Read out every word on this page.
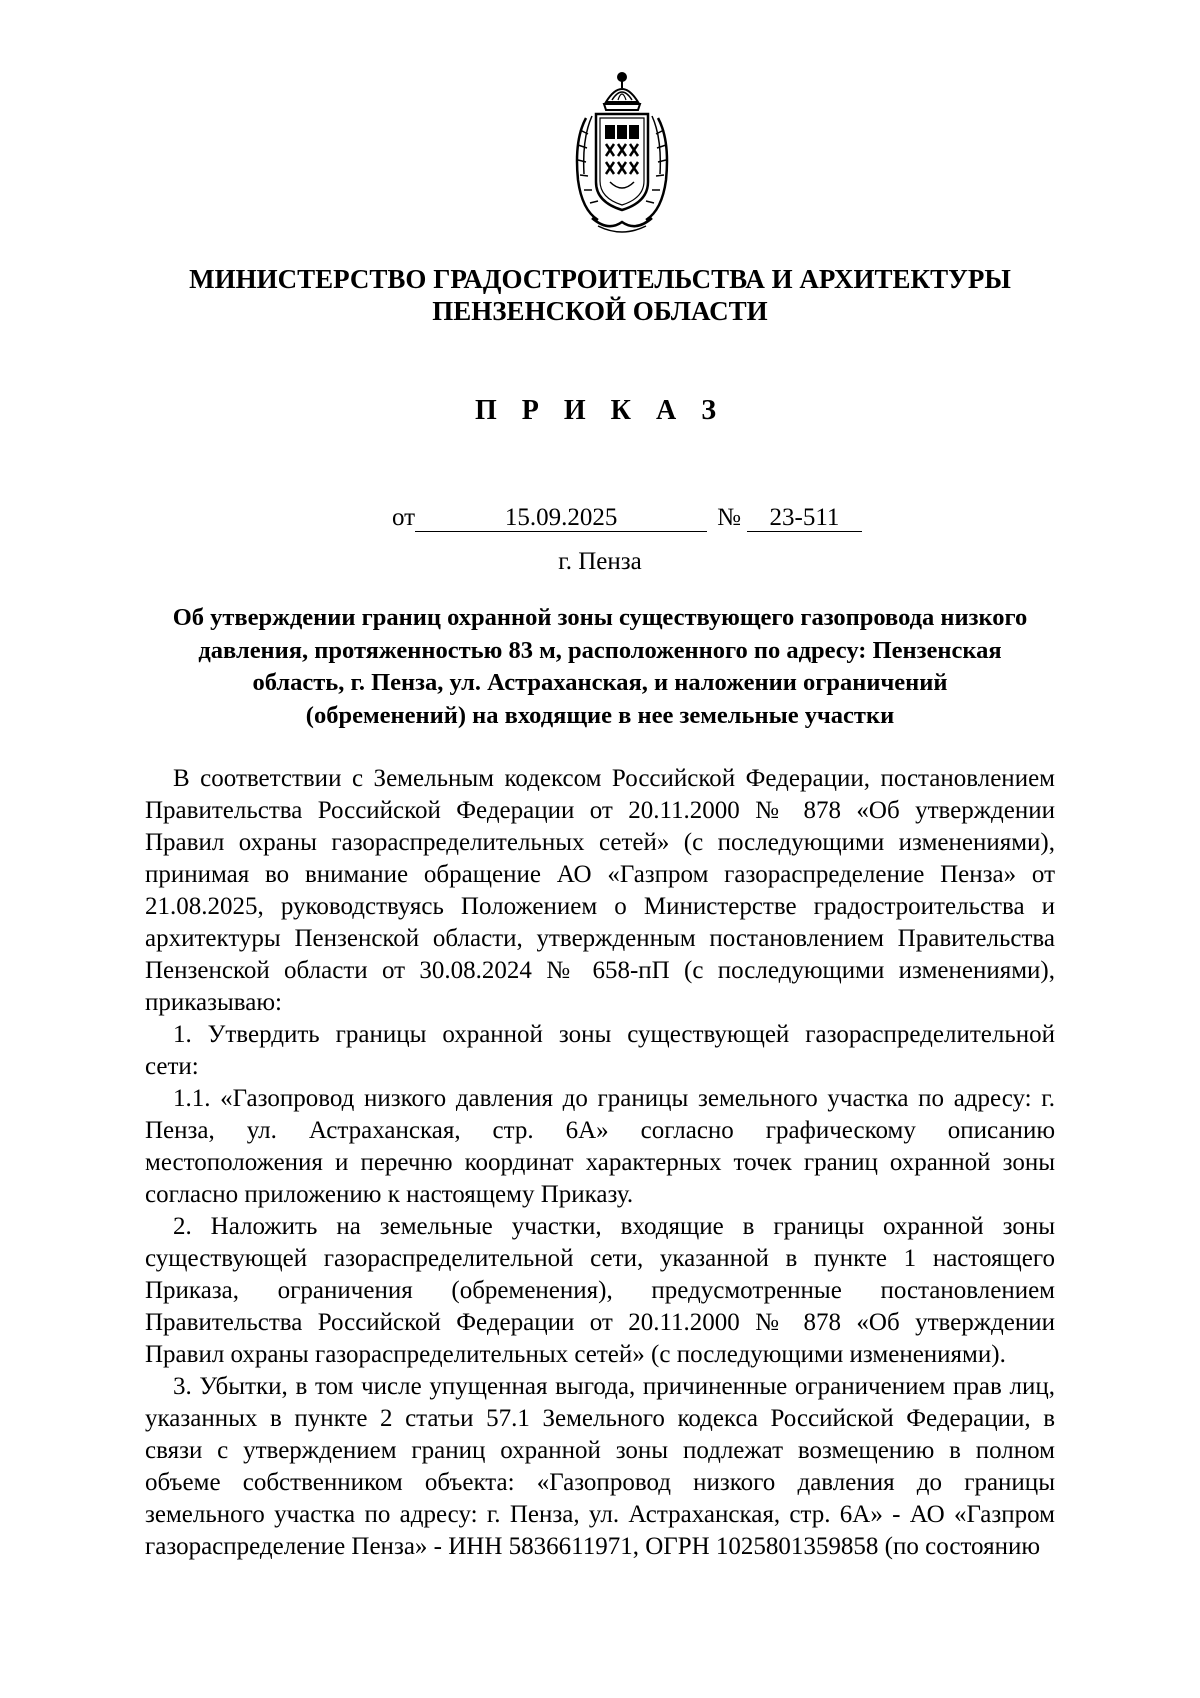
МИНИСТЕРСТВО ГРАДОСТРОИТЕЛЬСТВА И АРХИТЕКТУРЫ
ПЕНЗЕНСКОЙ ОБЛАСТИ
П Р И К А З
от	15.09.2025	№ 23-511
г. Пенза
Об утверждении границ охранной зоны существующего газопровода низкого
давления, протяженностью 83 м, расположенного по адресу: Пензенская
область, г. Пенза, ул. Астраханская, и наложении ограничений
(обременений) на входящие в нее земельные участки

В соответствии с Земельным кодексом Российской Федерации, постановлением Правительства Российской Федерации от 20.11.2000 № 878 «Об утверждении Правил охраны газораспределительных сетей» (с последующими изменениями), принимая во внимание обращение АО «Газпром газораспределение Пенза» от 21.08.2025, руководствуясь Положением о Министерстве градостроительства и архитектуры Пензенской области, утвержденным постановлением Правительства Пензенской области от 30.08.2024 № 658-пП (с последующими изменениями), приказываю:

1. Утвердить границы охранной зоны существующей газораспределительной сети:

1.1. «Газопровод низкого давления до границы земельного участка по адресу: г. Пенза, ул. Астраханская, стр. 6А» согласно графическому описанию местоположения и перечню координат характерных точек границ охранной зоны согласно приложению к настоящему Приказу.

2. Наложить на земельные участки, входящие в границы охранной зоны существующей газораспределительной сети, указанной в пункте 1 настоящего Приказа, ограничения (обременения), предусмотренные постановлением Правительства Российской Федерации от 20.11.2000 № 878 «Об утверждении Правил охраны газораспределительных сетей» (с последующими изменениями).

3. Убытки, в том числе упущенная выгода, причиненные ограничением прав лиц, указанных в пункте 2 статьи 57.1 Земельного кодекса Российской Федерации, в связи с утверждением границ охранной зоны подлежат возмещению в полном объеме собственником объекта: «Газопровод низкого давления до границы земельного участка по адресу: г. Пенза, ул. Астраханская, стр. 6А» - АО «Газпром газораспределение Пенза» - ИНН 5836611971, ОГРН 1025801359858 (по состоянию
